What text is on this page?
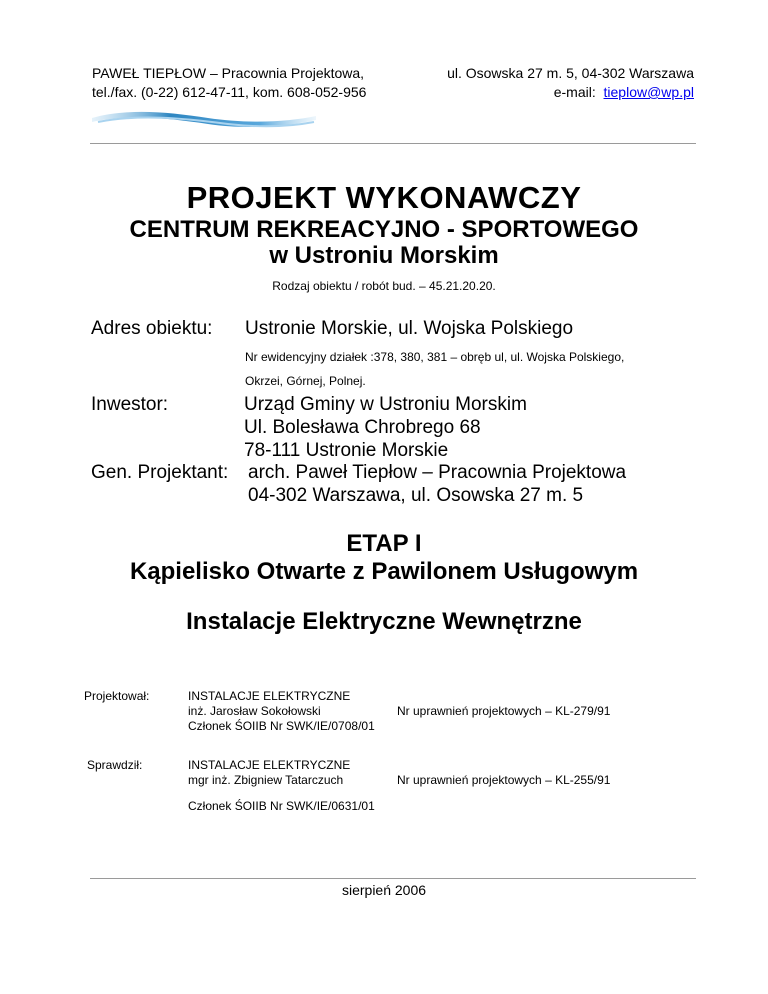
PAWEŁ TIEPŁOW – Pracownia Projektowa,
tel./fax. (0-22) 612-47-11, kom. 608-052-956
ul. Osowska 27 m. 5, 04-302 Warszawa
e-mail: tieplow@wp.pl
PROJEKT WYKONAWCZY
CENTRUM REKREACYJNO - SPORTOWEGO
w Ustroniu Morskim
Rodzaj obiektu / robót bud. – 45.21.20.20.
Adres obiektu: Ustronie Morskie, ul. Wojska Polskiego
Nr ewidencyjny działek :378, 380, 381 – obręb ul, ul. Wojska Polskiego,
Okrzei, Górnej, Polnej.
Inwestor:	Urząd Gminy w Ustroniu Morskim
Ul. Bolesława Chrobrego 68
78-111 Ustronie Morskie
Gen. Projektant: arch. Paweł Tiepłow – Pracownia Projektowa
04-302 Warszawa, ul. Osowska 27 m. 5
ETAP I
Kąpielisko Otwarte z Pawilonem Usługowym
Instalacje Elektryczne Wewnętrzne
Projektował:	INSTALACJE ELEKTRYCZNE
inż. Jarosław Sokołowski	Nr uprawnień projektowych – KL-279/91
Członek ŚOIIB Nr SWK/IE/0708/01
Sprawdził:	INSTALACJE ELEKTRYCZNE
mgr inż. Zbigniew Tatarczuch	Nr uprawnień projektowych – KL-255/91
Członek ŚOIIB Nr SWK/IE/0631/01
sierpień 2006
